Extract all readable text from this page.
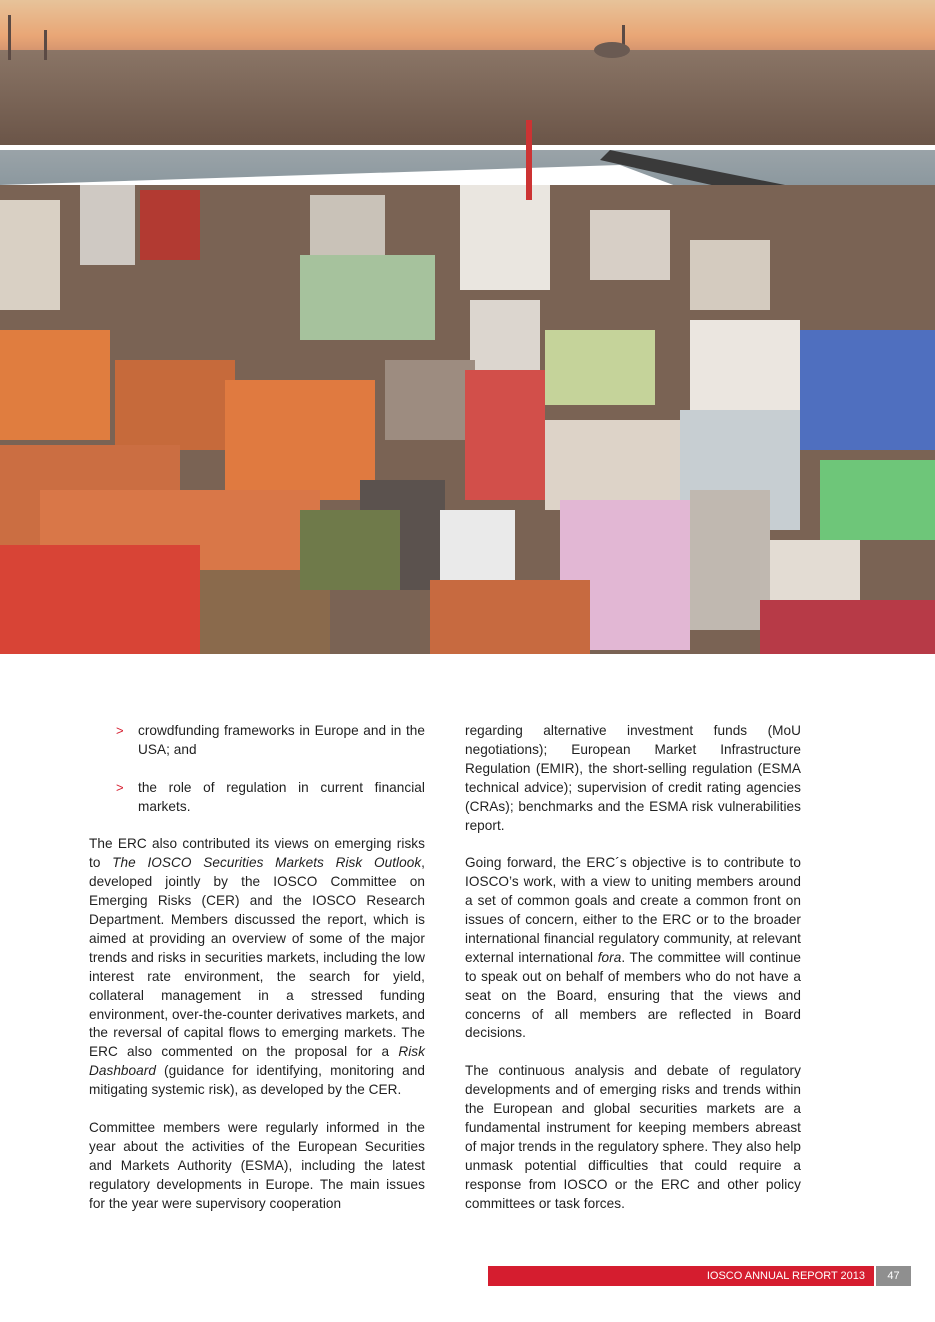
> crowdfunding frameworks in Europe and in the USA; and
> the role of regulation in current financial markets.

The ERC also contributed its views on emerging risks to The IOSCO Securities Markets Risk Outlook, developed jointly by the IOSCO Committee on Emerging Risks (CER) and the IOSCO Research Department. Members discussed the report, which is aimed at providing an overview of some of the major trends and risks in securities markets, including the low interest rate environment, the search for yield, collateral management in a stressed funding environment, over-the-counter derivatives markets, and the reversal of capital flows to emerging markets. The ERC also commented on the proposal for a Risk Dashboard (guidance for identifying, monitoring and mitigating systemic risk), as developed by the CER.

Committee members were regularly informed in the year about the activities of the European Securities and Markets Authority (ESMA), including the latest regulatory developments in Europe. The main issues for the year were supervisory cooperation

regarding alternative investment funds (MoU negotiations); European Market Infrastructure Regulation (EMIR), the short-selling regulation (ESMA technical advice); supervision of credit rating agencies (CRAs); benchmarks and the ESMA risk vulnerabilities report.

Going forward, the ERC´s objective is to contribute to IOSCO’s work, with a view to uniting members around a set of common goals and create a common front on issues of concern, either to the ERC or to the broader international financial regulatory community, at relevant external international fora. The committee will continue to speak out on behalf of members who do not have a seat on the Board, ensuring that the views and concerns of all members are reflected in Board decisions.

The continuous analysis and debate of regulatory developments and of emerging risks and trends within the European and global securities markets are a fundamental instrument for keeping members abreast of major trends in the regulatory sphere. They also help unmask potential difficulties that could require a response from IOSCO or the ERC and other policy committees or task forces.

IOSCO ANNUAL REPORT 2013	47
